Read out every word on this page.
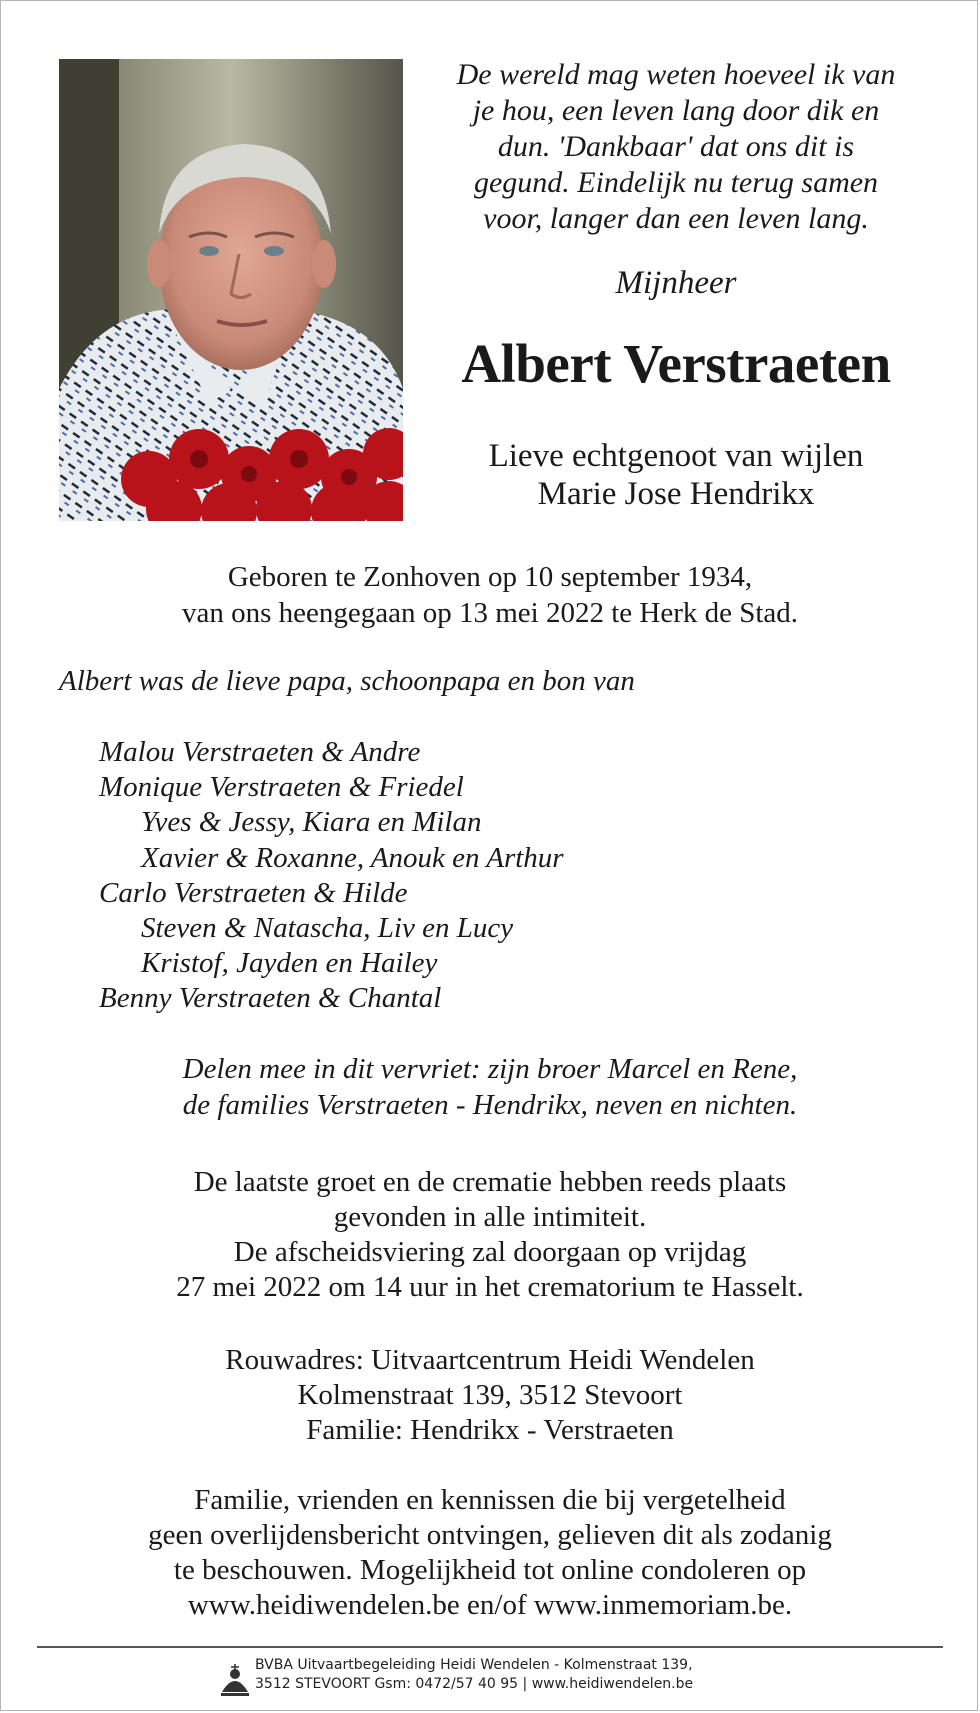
De wereld mag weten hoeveel ik van
je hou, een leven lang door dik en
dun. 'Dankbaar' dat ons dit is
gegund. Eindelijk nu terug samen
voor, langer dan een leven lang.
Mijnheer
Albert Verstraeten
Lieve echtgenoot van wijlen
Marie Jose Hendrikx
Geboren te Zonhoven op 10 september 1934,
van ons heengegaan op 13 mei 2022 te Herk de Stad.
Albert was de lieve papa, schoonpapa en bon van
Malou Verstraeten & Andre
Monique Verstraeten & Friedel
Yves & Jessy, Kiara en Milan
Xavier & Roxanne, Anouk en Arthur
Carlo Verstraeten & Hilde
Steven & Natascha, Liv en Lucy
Kristof, Jayden en Hailey
Benny Verstraeten & Chantal
Delen mee in dit vervriet: zijn broer Marcel en Rene,
de families Verstraeten - Hendrikx, neven en nichten.
De laatste groet en de crematie hebben reeds plaats
gevonden in alle intimiteit.
De afscheidsviering zal doorgaan op vrijdag
27 mei 2022 om 14 uur in het crematorium te Hasselt.
Rouwadres: Uitvaartcentrum Heidi Wendelen
Kolmenstraat 139, 3512 Stevoort
Familie: Hendrikx - Verstraeten
Familie, vrienden en kennissen die bij vergetelheid
geen overlijdensbericht ontvingen, gelieven dit als zodanig
te beschouwen. Mogelijkheid tot online condoleren op
www.heidiwendelen.be en/of www.inmemoriam.be.
BVBA Uitvaartbegeleiding Heidi Wendelen - Kolmenstraat 139,
3512 STEVOORT Gsm: 0472/57 40 95 | www.heidiwendelen.be
